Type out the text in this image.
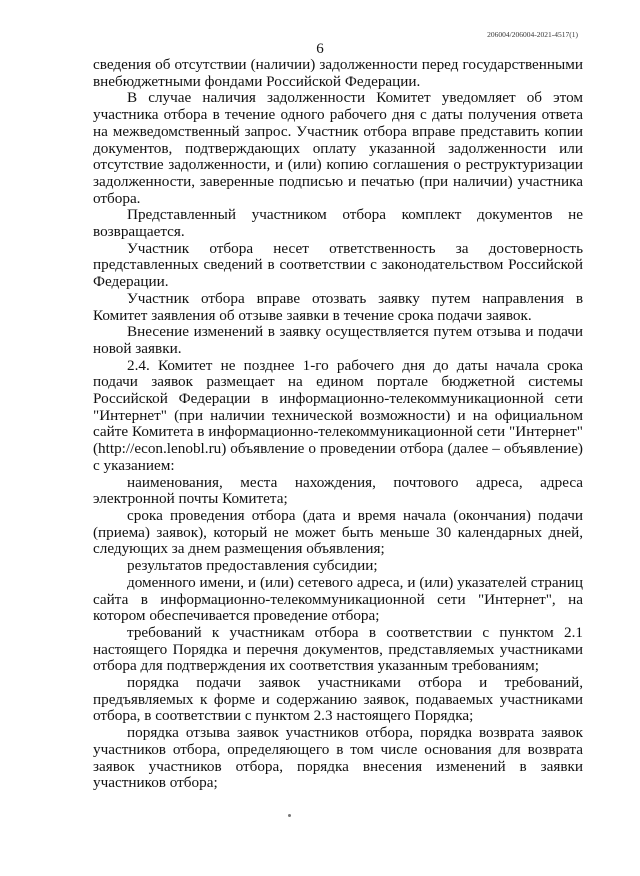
206004/206004-2021-4517(1)
6

сведения об отсутствии (наличии) задолженности перед государственными внебюджетными фондами Российской Федерации.

В случае наличия задолженности Комитет уведомляет об этом участника отбора в течение одного рабочего дня с даты получения ответа на межведомственный запрос. Участник отбора вправе представить копии документов, подтверждающих оплату указанной задолженности или отсутствие задолженности, и (или) копию соглашения о реструктуризации задолженности, заверенные подписью и печатью (при наличии) участника отбора.

Представленный участником отбора комплект документов не возвращается.

Участник отбора несет ответственность за достоверность представленных сведений в соответствии с законодательством Российской Федерации.

Участник отбора вправе отозвать заявку путем направления в Комитет заявления об отзыве заявки в течение срока подачи заявок.

Внесение изменений в заявку осуществляется путем отзыва и подачи новой заявки.

2.4. Комитет не позднее 1-го рабочего дня до даты начала срока подачи заявок размещает на едином портале бюджетной системы Российской Федерации в информационно-телекоммуникационной сети "Интернет" (при наличии технической возможности) и на официальном сайте Комитета в информационно-телекоммуникационной сети "Интернет" (http://econ.lenobl.ru) объявление о проведении отбора (далее – объявление) с указанием:

наименования, места нахождения, почтового адреса, адреса электронной почты Комитета;

срока проведения отбора (дата и время начала (окончания) подачи (приема) заявок), который не может быть меньше 30 календарных дней, следующих за днем размещения объявления;

результатов предоставления субсидии;

доменного имени, и (или) сетевого адреса, и (или) указателей страниц сайта в информационно-телекоммуникационной сети "Интернет", на котором обеспечивается проведение отбора;

требований к участникам отбора в соответствии с пунктом 2.1 настоящего Порядка и перечня документов, представляемых участниками отбора для подтверждения их соответствия указанным требованиям;

порядка подачи заявок участниками отбора и требований, предъявляемых к форме и содержанию заявок, подаваемых участниками отбора, в соответствии с пунктом 2.3 настоящего Порядка;

порядка отзыва заявок участников отбора, порядка возврата заявок участников отбора, определяющего в том числе основания для возврата заявок участников отбора, порядка внесения изменений в заявки участников отбора;
